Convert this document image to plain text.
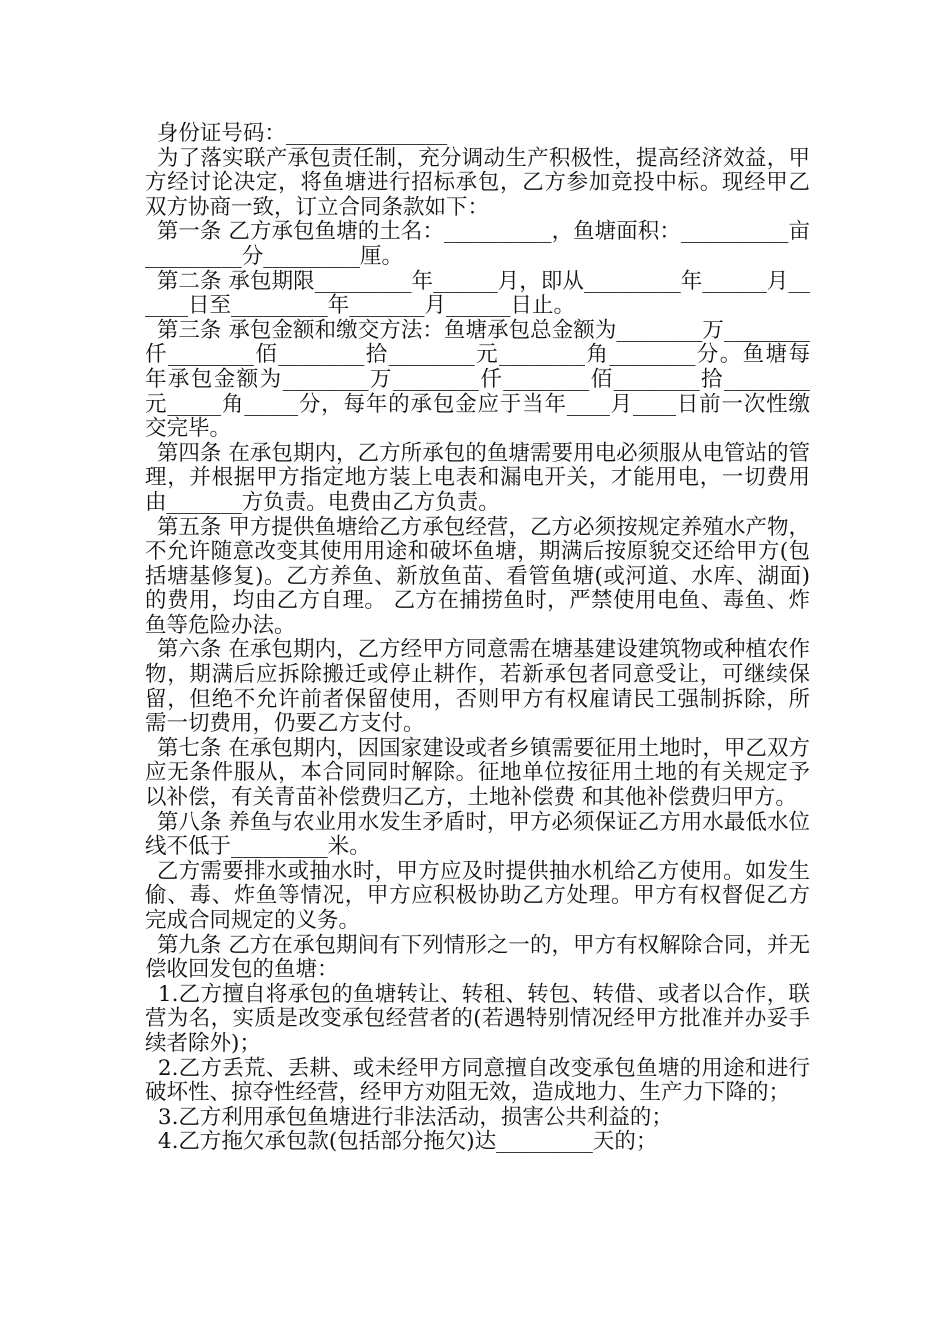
身份证号码：_______________

为了落实联产承包责任制，充分调动生产积极性，提高经济效益，甲方经讨论决定，将鱼塘进行招标承包，乙方参加竞投中标。现经甲乙双方协商一致，订立合同条款如下：

第一条 乙方承包鱼塘的土名：__________，鱼塘面积：__________亩_________分_________厘。

第二条 承包期限_________年______月，即从_________年______月______日至_________年_______月______日止。

第三条 承包金额和缴交方法：鱼塘承包总金额为________万________仟________佰________拾________元________角________分。鱼塘每年承包金额为________万________仟________佰________拾________元_____角_____分，每年的承包金应于当年____月____日前一次性缴交完毕。

第四条 在承包期内，乙方所承包的鱼塘需要用电必须服从电管站的管理，并根据甲方指定地方装上电表和漏电开关，才能用电，一切费用由_______方负责。电费由乙方负责。

第五条 甲方提供鱼塘给乙方承包经营，乙方必须按规定养殖水产物，不允许随意改变其使用用途和破坏鱼塘，期满后按原貌交还给甲方(包括塘基修复)。乙方养鱼、新放鱼苗、看管鱼塘(或河道、水库、湖面)的费用，均由乙方自理。 乙方在捕捞鱼时，严禁使用电鱼、毒鱼、炸鱼等危险办法。

第六条 在承包期内，乙方经甲方同意需在塘基建设建筑物或种植农作物，期满后应拆除搬迁或停止耕作，若新承包者同意受让，可继续保留，但绝不允许前者保留使用，否则甲方有权雇请民工强制拆除，所需一切费用，仍要乙方支付。

第七条 在承包期内，因国家建设或者乡镇需要征用土地时，甲乙双方应无条件服从，本合同同时解除。征地单位按征用土地的有关规定予以补偿，有关青苗补偿费归乙方，土地补偿费 和其他补偿费归甲方。

第八条 养鱼与农业用水发生矛盾时，甲方必须保证乙方用水最低水位线不低于_________米。

乙方需要排水或抽水时，甲方应及时提供抽水机给乙方使用。如发生偷、毒、炸鱼等情况，甲方应积极协助乙方处理。甲方有权督促乙方完成合同规定的义务。

第九条 乙方在承包期间有下列情形之一的，甲方有权解除合同，并无偿收回发包的鱼塘：

1.乙方擅自将承包的鱼塘转让、转租、转包、转借、或者以合作，联营为名，实质是改变承包经营者的(若遇特别情况经甲方批准并办妥手续者除外)；

2.乙方丢荒、丢耕、或未经甲方同意擅自改变承包鱼塘的用途和进行破坏性、掠夺性经营，经甲方劝阻无效，造成地力、生产力下降的；

3.乙方利用承包鱼塘进行非法活动，损害公共利益的；

4.乙方拖欠承包款(包括部分拖欠)达_________天的；
